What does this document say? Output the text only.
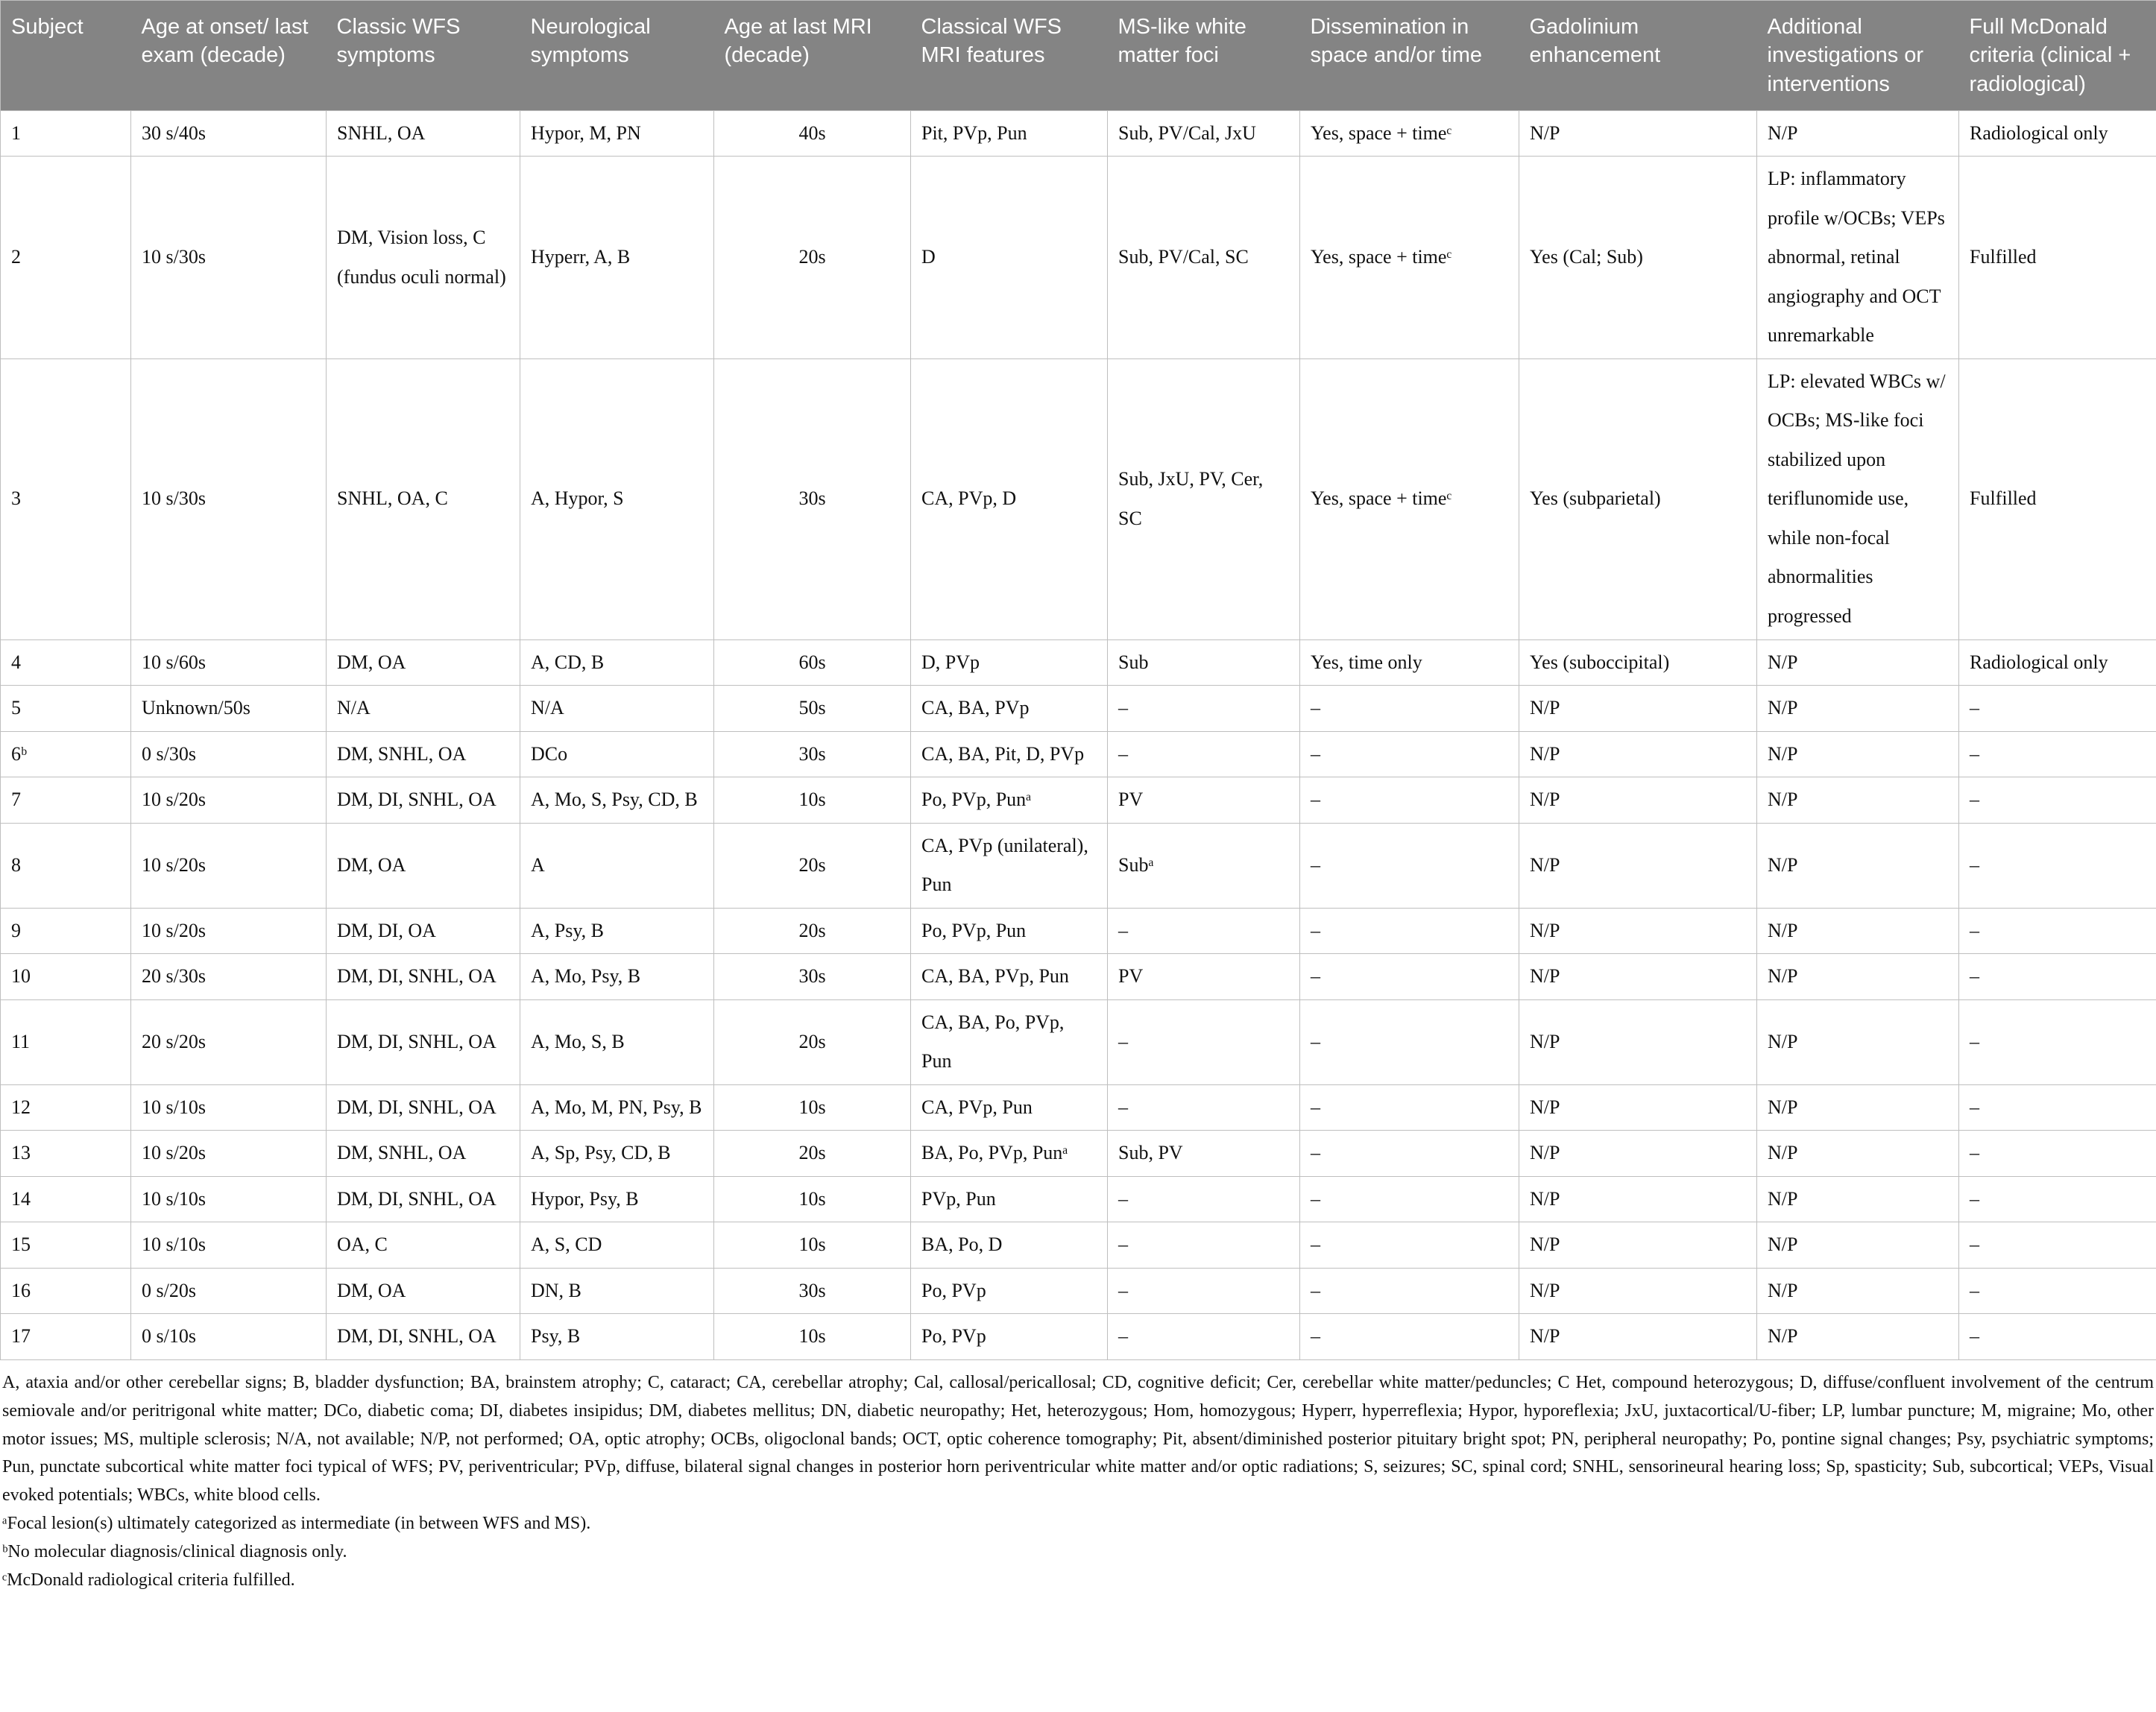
Subject	Age at onset/ last exam (decade)	Classic WFS symptoms	Neurological symptoms	Age at last MRI (decade)	Classical WFS MRI features	MS-like white matter foci	Dissemination in space and/or time	Gadolinium enhancement	Additional investigations or interventions	Full McDonald criteria (clinical + radiological)
1	30 s/40s	SNHL, OA	Hypor, M, PN	40s	Pit, PVp, Pun	Sub, PV/Cal, JxU	Yes, space + timeᶜ	N/P	N/P	Radiological only
2	10 s/30s	DM, Vision loss, C (fundus oculi normal)	Hyperr, A, B	20s	D	Sub, PV/Cal, SC	Yes, space + timeᶜ	Yes (Cal; Sub)	LP: inflammatory profile w/OCBs; VEPs abnormal, retinal angiography and OCT unremarkable	Fulfilled
3	10 s/30s	SNHL, OA, C	A, Hypor, S	30s	CA, PVp, D	Sub, JxU, PV, Cer, SC	Yes, space + timeᶜ	Yes (subparietal)	LP: elevated WBCs w/ OCBs; MS-like foci stabilized upon teriflunomide use, while non-focal abnormalities progressed	Fulfilled
4	10 s/60s	DM, OA	A, CD, B	60s	D, PVp	Sub	Yes, time only	Yes (suboccipital)	N/P	Radiological only
5	Unknown/50s	N/A	N/A	50s	CA, BA, PVp	–	–	N/P	N/P	–
6ᵇ	0 s/30s	DM, SNHL, OA	DCo	30s	CA, BA, Pit, D, PVp	–	–	N/P	N/P	–
7	10 s/20s	DM, DI, SNHL, OA	A, Mo, S, Psy, CD, B	10s	Po, PVp, Punᵃ	PV	–	N/P	N/P	–
8	10 s/20s	DM, OA	A	20s	CA, PVp (unilateral), Pun	Subᵃ	–	N/P	N/P	–
9	10 s/20s	DM, DI, OA	A, Psy, B	20s	Po, PVp, Pun	–	–	N/P	N/P	–
10	20 s/30s	DM, DI, SNHL, OA	A, Mo, Psy, B	30s	CA, BA, PVp, Pun	PV	–	N/P	N/P	–
11	20 s/20s	DM, DI, SNHL, OA	A, Mo, S, B	20s	CA, BA, Po, PVp, Pun	–	–	N/P	N/P	–
12	10 s/10s	DM, DI, SNHL, OA	A, Mo, M, PN, Psy, B	10s	CA, PVp, Pun	–	–	N/P	N/P	–
13	10 s/20s	DM, SNHL, OA	A, Sp, Psy, CD, B	20s	BA, Po, PVp, Punᵃ	Sub, PV	–	N/P	N/P	–
14	10 s/10s	DM, DI, SNHL, OA	Hypor, Psy, B	10s	PVp, Pun	–	–	N/P	N/P	–
15	10 s/10s	OA, C	A, S, CD	10s	BA, Po, D	–	–	N/P	N/P	–
16	0 s/20s	DM, OA	DN, B	30s	Po, PVp	–	–	N/P	N/P	–
17	0 s/10s	DM, DI, SNHL, OA	Psy, B	10s	Po, PVp	–	–	N/P	N/P	–

A, ataxia and/or other cerebellar signs; B, bladder dysfunction; BA, brainstem atrophy; C, cataract; CA, cerebellar atrophy; Cal, callosal/pericallosal; CD, cognitive deficit; Cer, cerebellar white matter/peduncles; C Het, compound heterozygous; D, diffuse/confluent involvement of the centrum semiovale and/or peritrigonal white matter; DCo, diabetic coma; DI, diabetes insipidus; DM, diabetes mellitus; DN, diabetic neuropathy; Het, heterozygous; Hom, homozygous; Hyperr, hyperreflexia; Hypor, hyporeflexia; JxU, juxtacortical/U-fiber; LP, lumbar puncture; M, migraine; Mo, other motor issues; MS, multiple sclerosis; N/A, not available; N/P, not performed; OA, optic atrophy; OCBs, oligoclonal bands; OCT, optic coherence tomography; Pit, absent/diminished posterior pituitary bright spot; PN, peripheral neuropathy; Po, pontine signal changes; Psy, psychiatric symptoms; Pun, punctate subcortical white matter foci typical of WFS; PV, periventricular; PVp, diffuse, bilateral signal changes in posterior horn periventricular white matter and/or optic radiations; S, seizures; SC, spinal cord; SNHL, sensorineural hearing loss; Sp, spasticity; Sub, subcortical; VEPs, Visual evoked potentials; WBCs, white blood cells.

ᵃFocal lesion(s) ultimately categorized as intermediate (in between WFS and MS).

ᵇNo molecular diagnosis/clinical diagnosis only.

ᶜMcDonald radiological criteria fulfilled.
